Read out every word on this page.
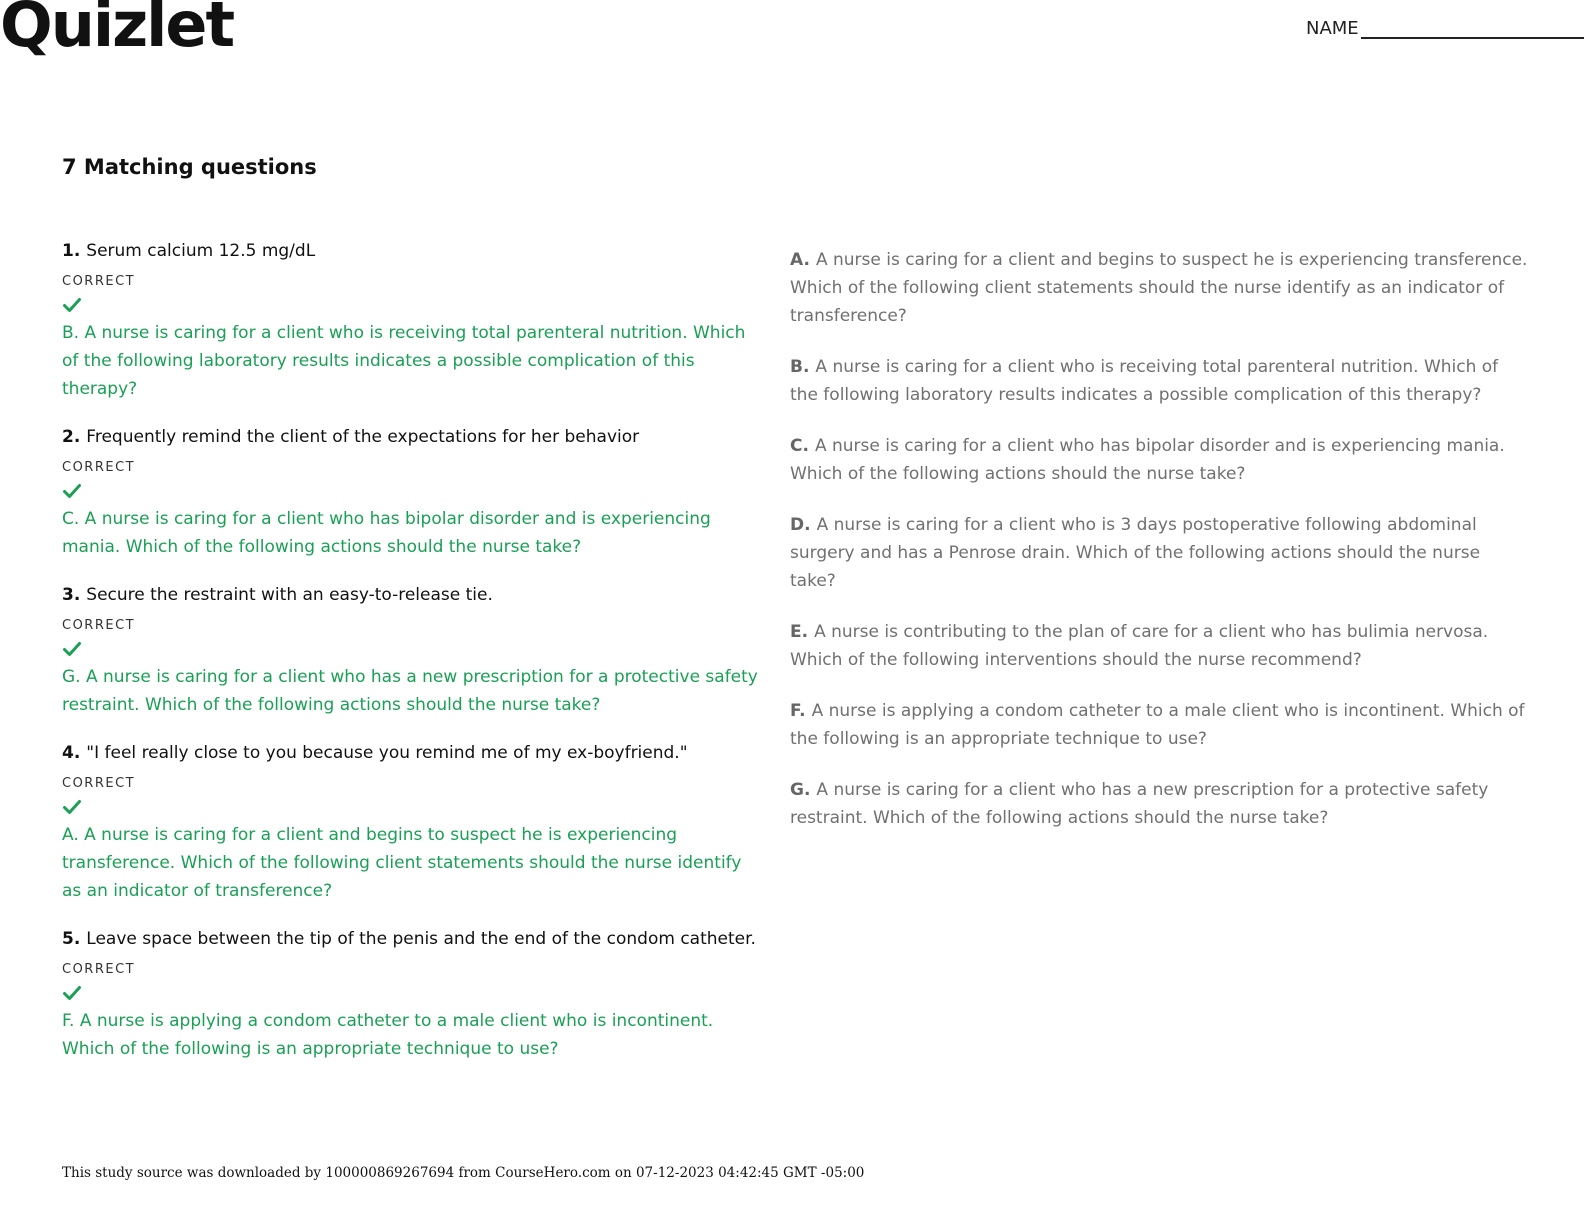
Quizlet	NAME
7 Matching questions

1. Serum calcium 12.5 mg/dL

CORRECT

B. A nurse is caring for a client who is receiving total parenteral nutrition. Which of the following laboratory results indicates a possible complication of this therapy?

2. Frequently remind the client of the expectations for her behavior

CORRECT

C. A nurse is caring for a client who has bipolar disorder and is experiencing mania. Which of the following actions should the nurse take?

3. Secure the restraint with an easy-to-release tie.

CORRECT

G. A nurse is caring for a client who has a new prescription for a protective safety restraint. Which of the following actions should the nurse take?

4. "I feel really close to you because you remind me of my ex-boyfriend."

CORRECT

A. A nurse is caring for a client and begins to suspect he is experiencing transference. Which of the following client statements should the nurse identify as an indicator of transference?

5. Leave space between the tip of the penis and the end of the condom catheter.

CORRECT

F. A nurse is applying a condom catheter to a male client who is incontinent. Which of the following is an appropriate technique to use?

A. A nurse is caring for a client and begins to suspect he is experiencing transference. Which of the following client statements should the nurse identify as an indicator of transference?

B. A nurse is caring for a client who is receiving total parenteral nutrition. Which of the following laboratory results indicates a possible complication of this therapy?

C. A nurse is caring for a client who has bipolar disorder and is experiencing mania. Which of the following actions should the nurse take?

D. A nurse is caring for a client who is 3 days postoperative following abdominal surgery and has a Penrose drain. Which of the following actions should the nurse take?

E. A nurse is contributing to the plan of care for a client who has bulimia nervosa. Which of the following interventions should the nurse recommend?

F. A nurse is applying a condom catheter to a male client who is incontinent. Which of the following is an appropriate technique to use?

G. A nurse is caring for a client who has a new prescription for a protective safety restraint. Which of the following actions should the nurse take?

This study source was downloaded by 100000869267694 from CourseHero.com on 07-12-2023 04:42:45 GMT -05:00
